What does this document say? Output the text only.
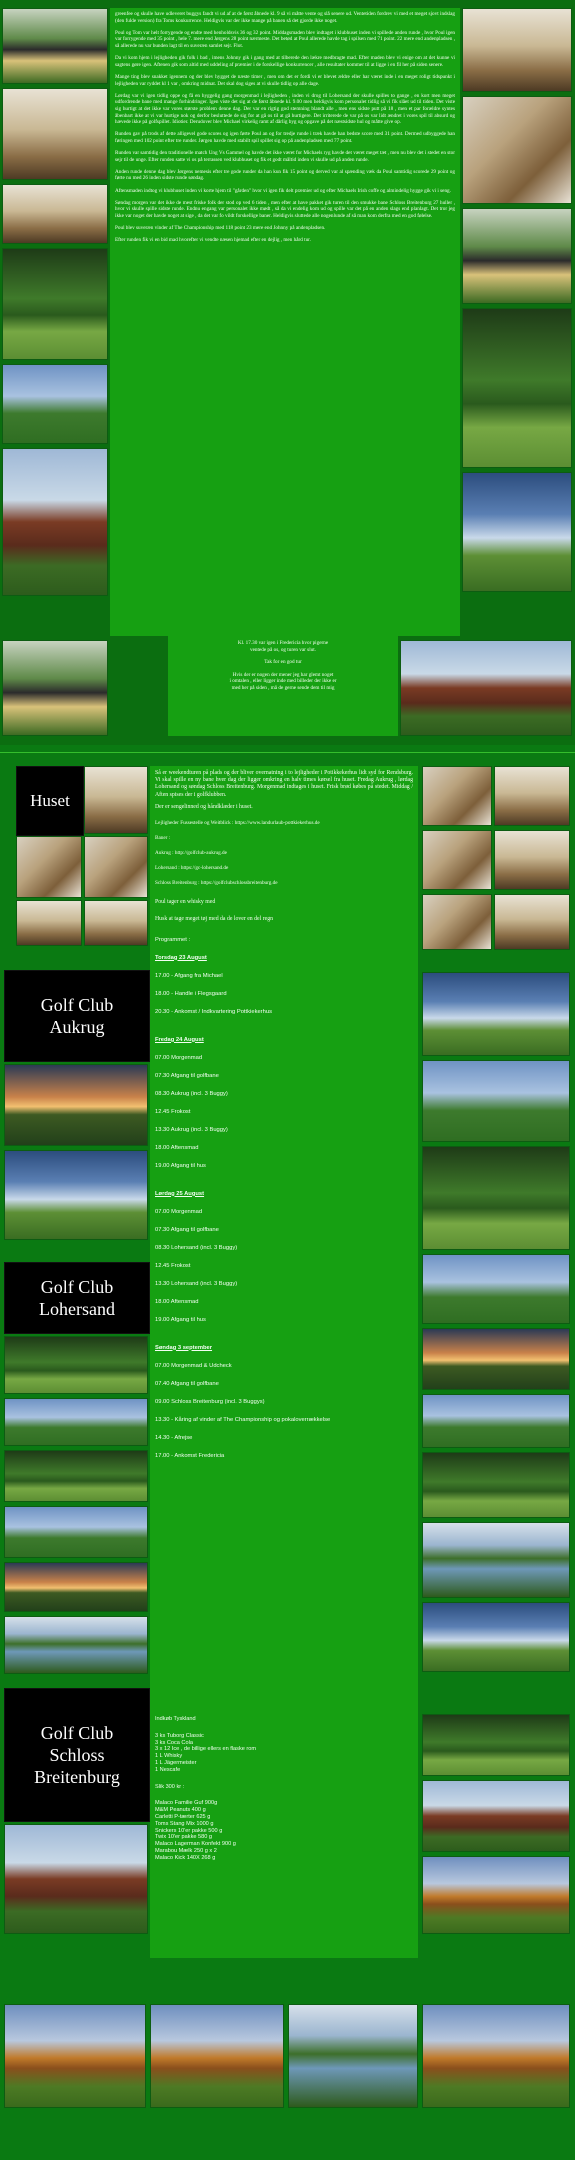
greenfee og skulle have udleveret buggys fandt vi ud af at de først åbnede kl. 9 så vi måtte vente og slå senere ud. Ventetiden fordrev vi med et meget sjovt indslag (den fulde version) fra Toms konkurrence. Heldigvis var der ikke mange på banen så det gjorde ikke noget.

Poul og Tom var helt forrygende og endte med henholdsvis 36 og 32 point. Middagsmaden blev indtaget i klubhuset inden vi spillede anden runde , hvor Poul igen var forrygende med 35 point , hele 7. mere end Jørgens 28 point nærmeste. Det betød at Poul allerede havde tag i spilsen med 71 point. 22 mere end andenpladsen , så allerede nu var bunden lagt til en suveræn samlet sejr. Flot.

Da vi kom hjem i lejligheden gik folk i bad , imens Johnny gik i gang med at tilberede den lækre medbragte mad. Efter maden blev vi enige om at det kunne vi sagtens gøre igen. Aftenen gik som altid med uddeling af præmier i de forskellige konkurrencer , alle resultater kommer til at ligge i en fil her på siden senere.

Mange ting blev snakket igennem og der blev hygget de næste timer , men om det er fordi vi er blevet ældre eller har været inde i en meget roligt tidspunkt i lejligheden var ryddet kl 1 var , omkring midnat. Det skal dog siges at vi skulle tidlig op alle dage.

Lørdag var vi igen tidlig oppe og få en hyggelig gang morgenmad i lejligheden , inden vi drog til Lohersand der skulle spilles to gange , en kort men meget udfordrende bane med mange forhindringer. Igen viste det sig at de først åbnede kl. 9.00 men heldigvis kom personalet tidlig så vi fik slået ud til tiden. Det viste sig hurtigt at det ikke var vores største problem denne dag. Der var en rigtig god stemning blandt alle , men ens sidste putt på 18 , men et par forældre syntes åbenbart ikke at vi var hurtige nok og derfor besluttede de sig for at gå os til at gå hurtigere. Det irriterede de var på os var lidt ændret i vores spil til absurd og hævede ikke på golfspillet. Idiotier. Derudover blev Michael virkelig ramt af dårlig byg og opgave på det næstsidste hul og måtte give op.

Runden gav på trods af dette alligevel gode scores og igen førte Poul an og for tredje runde i træk havde han bedste score med 31 point. Dermed udbyggede han føringen med 102 point efter tre runder. Jørgen havde med stabilt spil spillet sig op på andenpladsen med 77 point.

Runden var samtidig den traditionelle match Ung Vs Gammel og havde det ikke været for Michaels ryg havde det været meget tæt , men nu blev det i stedet en stor sejr til de unge. Efter runden satte vi os på terrassen ved klubhuset og fik et godt måltid inden vi skulle ud på anden runde.

Anden runde denne dag blev Jørgens nemesis efter tre gode runder da han kun fik 15 point og derved var al spænding væk da Poul samtidig scorede 29 point og førte nu med 26 inden sidste runde søndag.

Aftensmaden indtog vi klubhuset inden vi korte hjem til "gården" hvor vi igen fik delt præmier ud og efter Michaels Irish coffe og almindelig hygge gik vi i seng.

Søndag morgen var det ikke de mest friske folk der stod op ved 6 tiden , men efter at have pakket gik turen til den smukke bane Schloss Breitenburg 27 huller , hvor vi skulle spille sidste runde. Endnu engang var personalet ikke mødt , så da vi endelig kom ud og spille var det på en anden slags end planlagt. Det tror jeg ikke var noget der havde noget at sige , da det var fo vildt forskellige baner. Heldigvis sluttede alle nogenlunde af så man kom derfra med en god følelse.

Poul blev suveræn vinder af The Championship med 118 point 23 mere end Johnny på andenpladsen.

Efter runden fik vi en bid mad hvorefter vi vendte næsen hjemad efter en dejlig , men hård tur.

Kl. 17.30 var igen i Fredericia hvor pigerne
ventede på os, og turen var slut.
Tak for en god tur
Hvis der er nogen der mener jeg har glemt noget
i omtalen , eller ligger inde med billeder der ikke er
med her på siden , må de gerne sende dem til mig
Huset
Golf Club
Aukrug
Golf Club
Lohersand
Golf Club
Schloss
Breitenburg

Så er weekendturen på plads og der bliver overnatning i to lejligheder i Potikkekerhus lidt syd for Rendsburg. Vi skal spille en ny bane hver dag der ligger omkring en halv times kørsel fra huset. Fredag Aukrug , lørdag Lohersand og søndag Schloss Breitenburg. Morgenmad indtages i huset. Frisk brød købes på stedet. Middag / Aften spises der i golfklubben.

Der er sengelinned og håndklæder i huset.

Lejligheder Fussestelle og Weitblick : https://www.landurlaub-pottkiekerhus.de
Baner :
Aukrug : http://golfclub-aukrug.de
Lohersand : https://gc-lohersand.de
Schloss Breitenburg : https://golfclubschlossbreitenburg.de
Poul tager en whisky med
Husk at tage meget tøj med da de lover en del regn
Programmet :
Torsdag 23 August
17.00 - Afgang fra Michael
18.00 - Handle i Flegsgaard
20.30 - Ankomst / Indkvartering Pottkiekerhus
Fredag 24 August
07.00 Morgenmad
07.30 Afgang til golfbane
08.30 Aukrug (incl. 3 Buggy)
12.45 Frokost
13.30 Aukrug (incl. 3 Buggy)
18.00 Aftensmad
19.00 Afgang til hus
Lørdag 25 August
07.00 Morgenmad
07.30 Afgang til golfbane
08.30 Lohersand (incl. 3 Buggy)
12.45 Frokost
13.30 Lohersand (incl. 3 Buggy)
18.00 Aftensmad
19.00 Afgang til hus
Søndag 3 september
07.00 Morgenmad & Udcheck
07.40 Afgang til golfbane
09.00 Schloss Breitenburg (incl. 3 Buggys)
13.30 - Kåring af vinder af The Championship og pokaloverrækkelse
14.30 - Afrejse
17.00 - Ankomst Fredericia
Indkøb Tyskland
3 ks Tuborg Classic
3 ks Coca Cola
3 x 12 Ice , de billige ellers en flaske rom
1 L Whisky
1 L Jägermeister
1 Nescafe
Slik 300 kr :
Malaco Familie Guf 900g
M&M Peanuts 400 g
Carletti P-tærter 625 g
Toms Stang Mix 1000 g
Snickers 10'er pakke 500 g
Twix 10'er pakke 580 g
Malaco Lagerman Konfekt 900 g
Marabou Mælk 250 g x 2
Malaco Kick 140X 268 g
